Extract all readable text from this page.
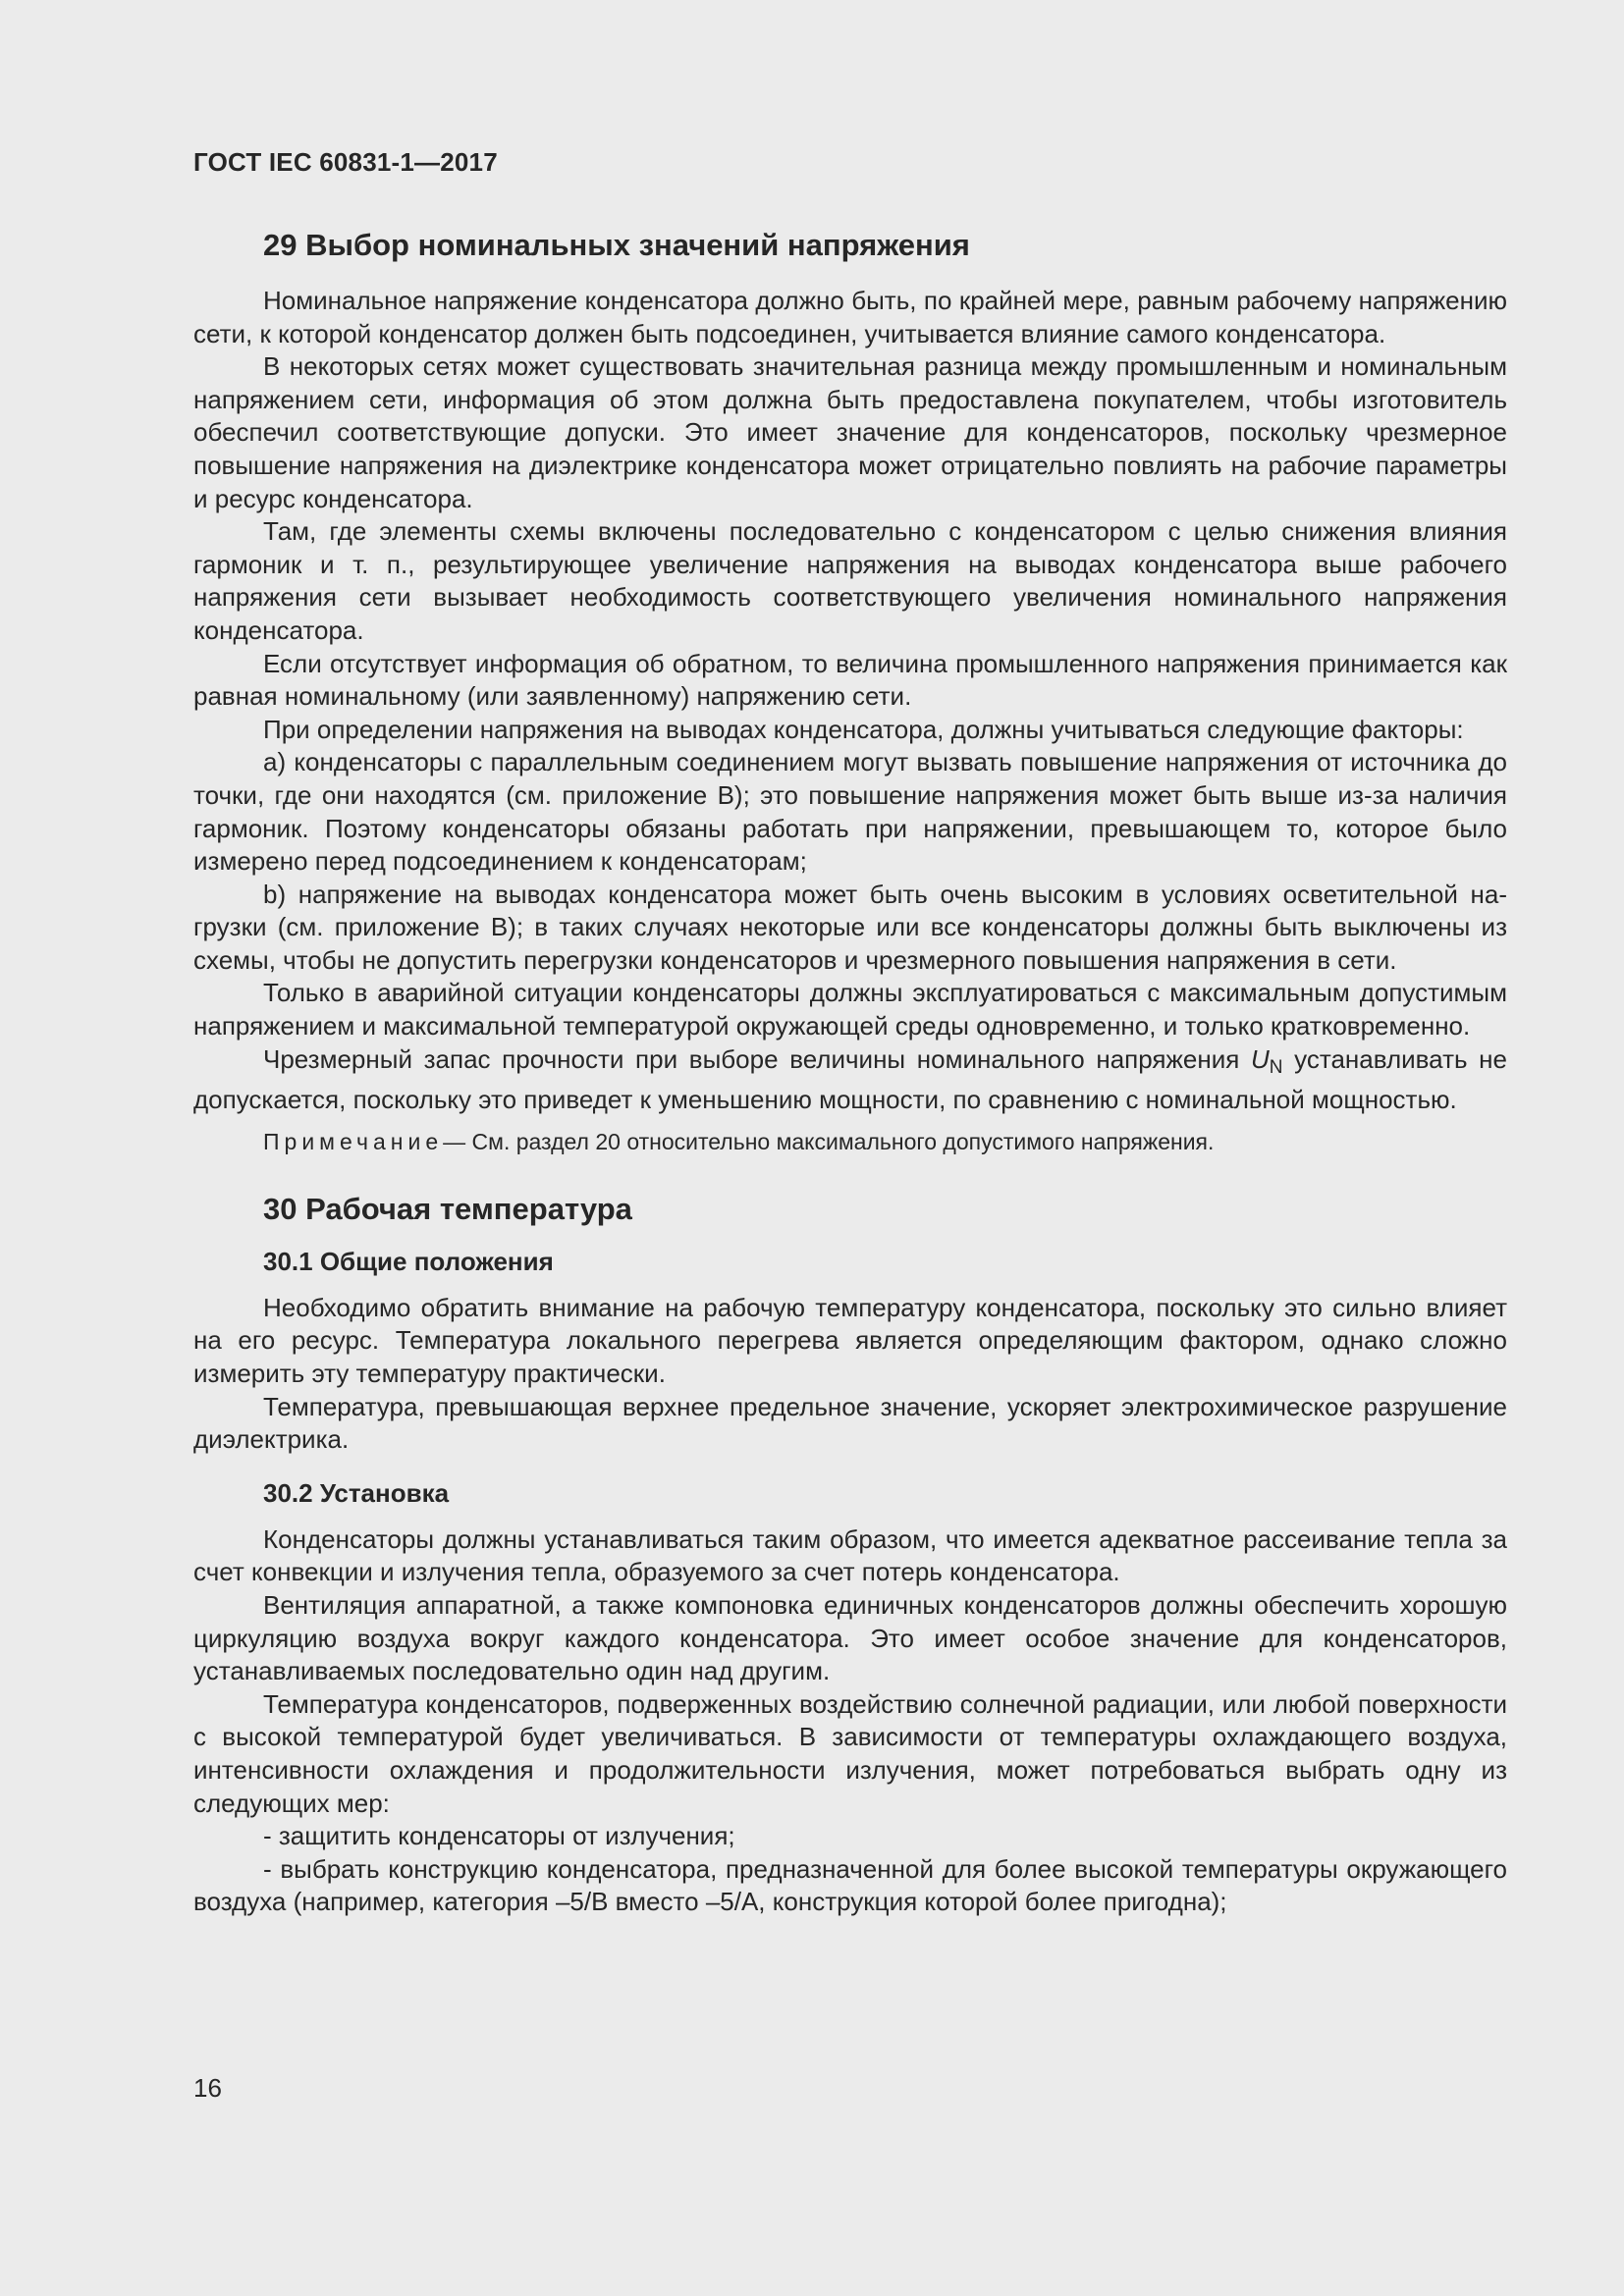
ГОСТ IEC 60831-1—2017
29 Выбор номинальных значений напряжения

Номинальное напряжение конденсатора должно быть, по крайней мере, равным рабочему напряжению сети, к которой конденсатор должен быть подсоединен, учитывается влияние самого конденсатора.

В некоторых сетях может существовать значительная разница между промышленным и номинальным напряжением сети, информация об этом должна быть предоставлена покупателем, чтобы изготовитель обеспечил соответствующие допуски. Это имеет значение для конденсаторов, поскольку чрезмерное повышение напряжения на диэлектрике конденсатора может отрицательно повлиять на рабочие параметры и ресурс конденсатора.

Там, где элементы схемы включены последовательно с конденсатором с целью снижения влияния гармоник и т. п., результирующее увеличение напряжения на выводах конденсатора выше рабочего напряжения сети вызывает необходимость соответствующего увеличения номинального напряжения конденсатора.

Если отсутствует информация об обратном, то величина промышленного напряжения принимается как равная номинальному (или заявленному) напряжению сети.

При определении напряжения на выводах конденсатора, должны учитываться следующие факторы:

а) конденсаторы с параллельным соединением могут вызвать повышение напряжения от источника до точки, где они находятся (см. приложение В); это повышение напряжения может быть выше из-за наличия гармоник. Поэтому конденсаторы обязаны работать при напряжении, превышающем то, которое было измерено перед подсоединением к конденсаторам;

b) напряжение на выводах конденсатора может быть очень высоким в условиях осветительной нагрузки (см. приложение В); в таких случаях некоторые или все конденсаторы должны быть выключены из схемы, чтобы не допустить перегрузки конденсаторов и чрезмерного повышения напряжения в сети.

Только в аварийной ситуации конденсаторы должны эксплуатироваться с максимальным допустимым напряжением и максимальной температурой окружающей среды одновременно, и только кратковременно.

Чрезмерный запас прочности при выборе величины номинального напряжения $U_N$ устанавливать не допускается, поскольку это приведет к уменьшению мощности, по сравнению с номинальной мощностью.

Примечание— См. раздел 20 относительно максимального допустимого напряжения.
30 Рабочая температура
30.1 Общие положения

Необходимо обратить внимание на рабочую температуру конденсатора, поскольку это сильно влияет на его ресурс. Температура локального перегрева является определяющим фактором, однако сложно измерить эту температуру практически.

Температура, превышающая верхнее предельное значение, ускоряет электрохимическое разрушение диэлектрика.

30.2 Установка

Конденсаторы должны устанавливаться таким образом, что имеется адекватное рассеивание тепла за счет конвекции и излучения тепла, образуемого за счет потерь конденсатора.

Вентиляция аппаратной, а также компоновка единичных конденсаторов должны обеспечить хорошую циркуляцию воздуха вокруг каждого конденсатора. Это имеет особое значение для конденсаторов, устанавливаемых последовательно один над другим.

Температура конденсаторов, подверженных воздействию солнечной радиации, или любой поверхности с высокой температурой будет увеличиваться. В зависимости от температуры охлаждающего воздуха, интенсивности охлаждения и продолжительности излучения, может потребоваться выбрать одну из следующих мер:

- защитить конденсаторы от излучения;

- выбрать конструкцию конденсатора, предназначенной для более высокой температуры окружающего воздуха (например, категория –5/В вместо –5/А, конструкция которой более пригодна);

16
